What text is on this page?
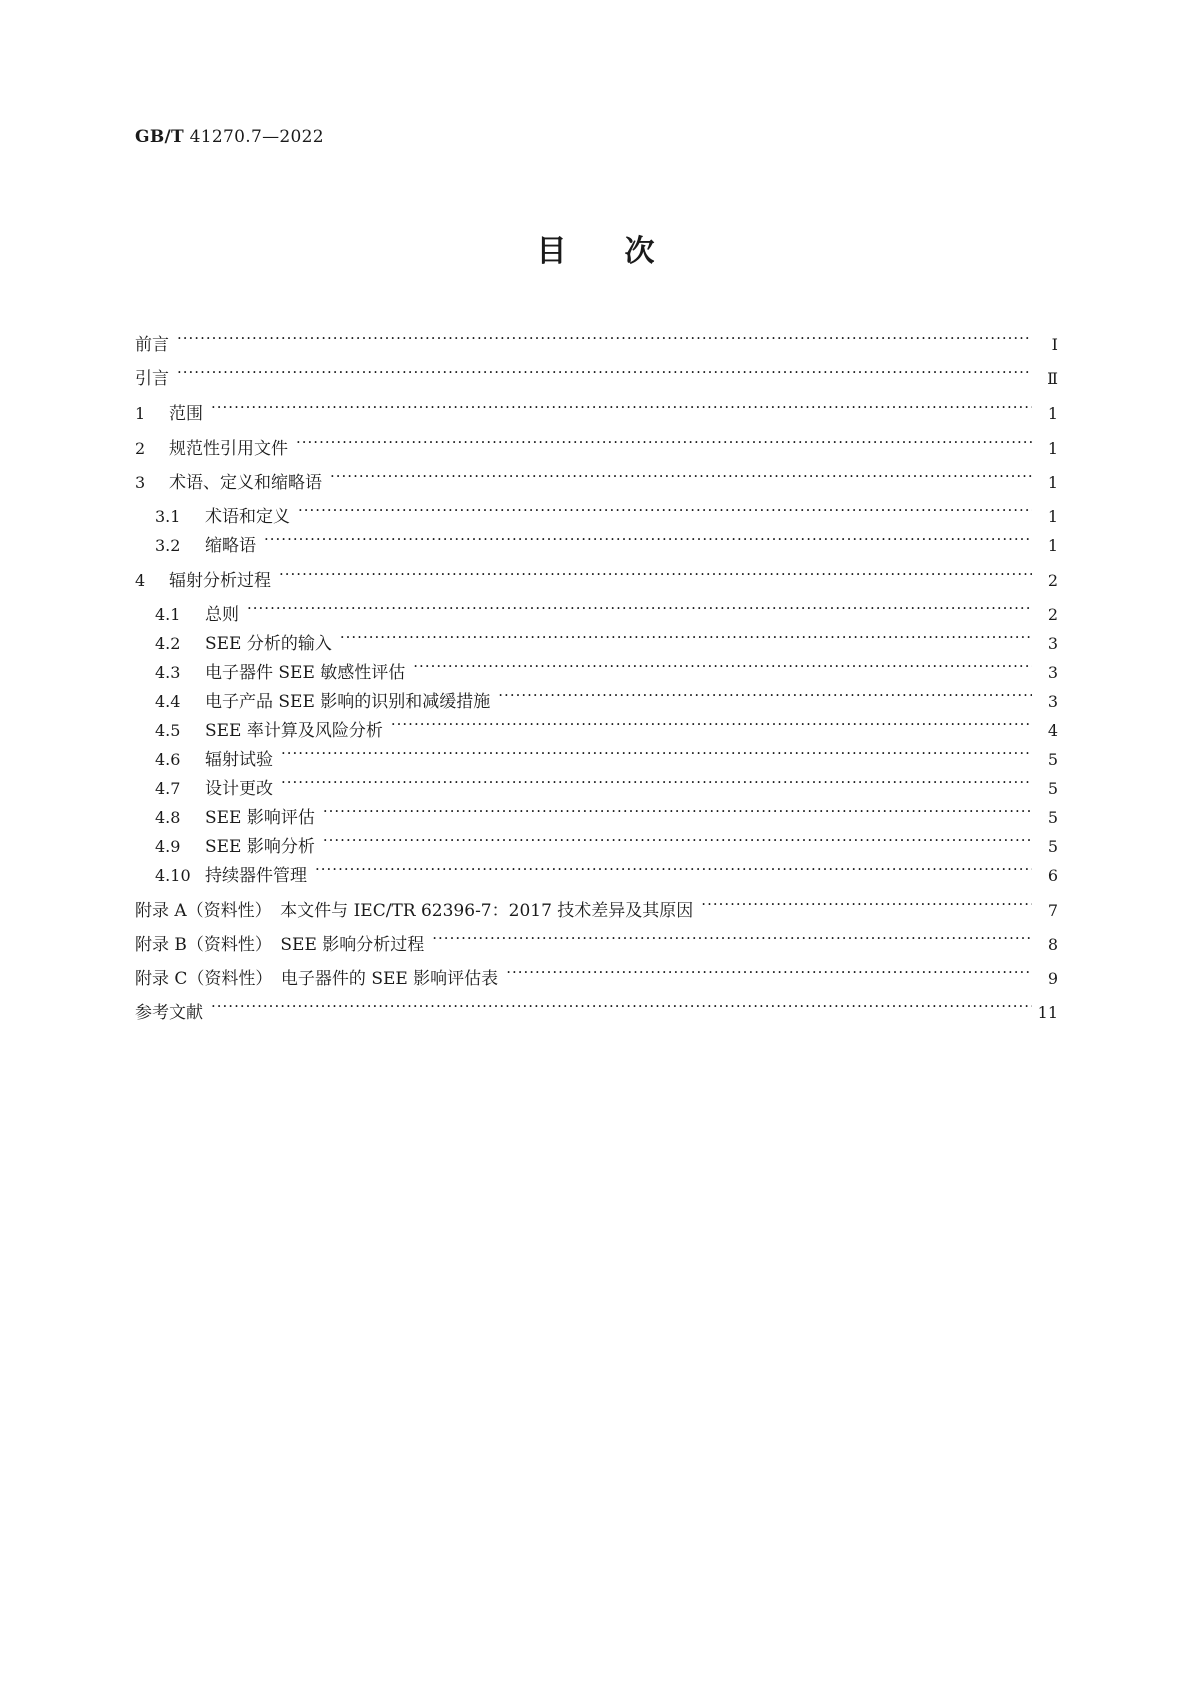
GB/T 41270.7—2022
目次
前言 ·····	Ⅰ
引言 ·····	Ⅱ
1	范围 ·····	1
2	规范性引用文件 ·····	1
3	术语、定义和缩略语 ·····	1
3.1	术语和定义 ·····	1
3.2	缩略语 ·····	1
4	辐射分析过程 ·····	2
4.1	总则 ·····	2
4.2	SEE 分析的输入 ·····	3
4.3	电子器件 SEE 敏感性评估 ·····	3
4.4	电子产品 SEE 影响的识别和减缓措施 ·····	3
4.5	SEE 率计算及风险分析 ·····	4
4.6	辐射试验 ·····	5
4.7	设计更改 ·····	5
4.8	SEE 影响评估 ·····	5
4.9	SEE 影响分析 ·····	5
4.10 持续器件管理 ·····	6
附录 A（资料性）　本文件与 IEC/TR 62396-7：2017 技术差异及其原因 ·····	7
附录 B（资料性）　SEE 影响分析过程 ·····	8
附录 C（资料性）　电子器件的 SEE 影响评估表 ·····	9
参考文献 ·····	11
